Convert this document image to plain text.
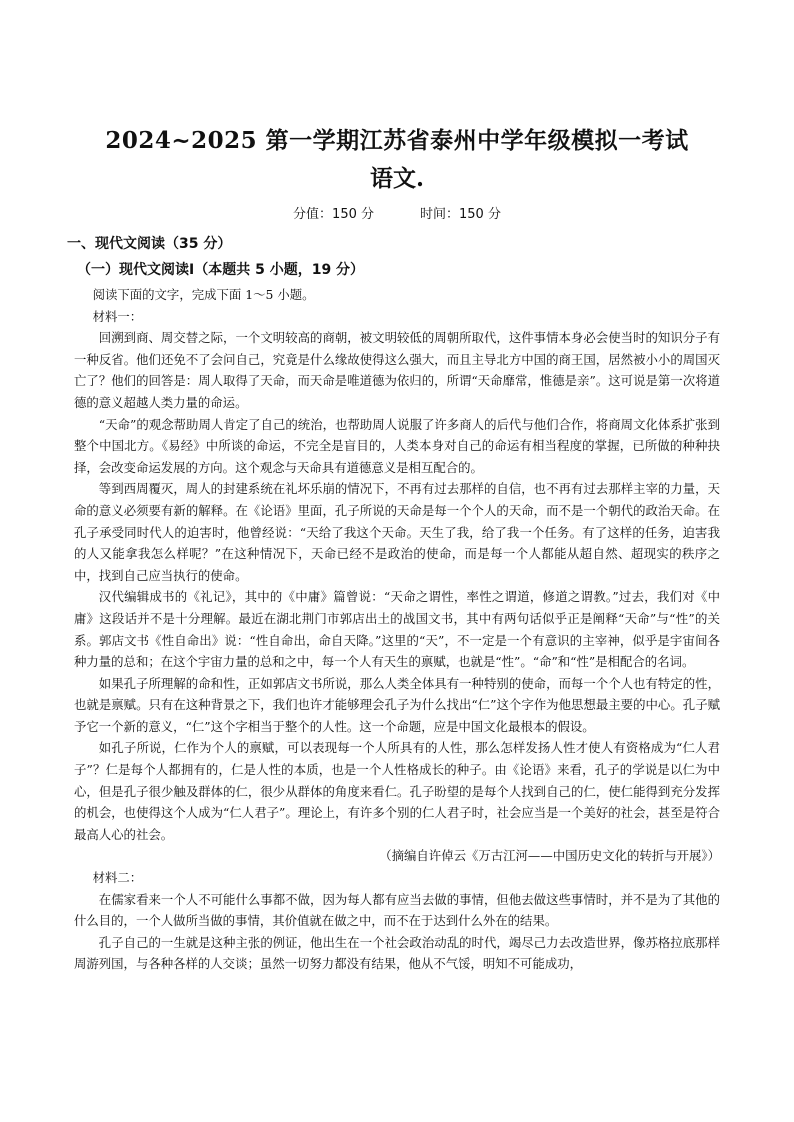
2024~2025 第一学期江苏省泰州中学年级模拟一考试
语文.
分值：150 分	时间：150 分
一、现代文阅读（35 分）
（一）现代文阅读Ⅰ（本题共 5 小题，19 分）

阅读下面的文字，完成下面 1～5 小题。

材料一：

回溯到商、周交替之际，一个文明较高的商朝，被文明较低的周朝所取代，这件事情本身必会使当时的知识分子有一种反省。他们还免不了会问自己，究竟是什么缘故使得这么强大，而且主导北方中国的商王国，居然被小小的周国灭亡了？他们的回答是：周人取得了天命，而天命是唯道德为依归的，所谓“天命靡常，惟德是亲”。这可说是第一次将道德的意义超越人类力量的命运。

“天命”的观念帮助周人肯定了自己的统治，也帮助周人说服了许多商人的后代与他们合作，将商周文化体系扩张到整个中国北方。《易经》中所谈的命运，不完全是盲目的，人类本身对自己的命运有相当程度的掌握，已所做的种种抉择，会改变命运发展的方向。这个观念与天命具有道德意义是相互配合的。

等到西周覆灭，周人的封建系统在礼坏乐崩的情况下，不再有过去那样的自信，也不再有过去那样主宰的力量，天命的意义必须要有新的解释。在《论语》里面，孔子所说的天命是每一个个人的天命，而不是一个朝代的政治天命。在孔子承受同时代人的迫害时，他曾经说：“天给了我这个天命。天生了我，给了我一个任务。有了这样的任务，迫害我的人又能拿我怎么样呢？”在这种情况下，天命已经不是政治的使命，而是每一个人都能从超自然、超现实的秩序之中，找到自己应当执行的使命。

汉代编辑成书的《礼记》，其中的《中庸》篇曾说：“天命之谓性，率性之谓道，修道之谓教。”过去，我们对《中庸》这段话并不是十分理解。最近在湖北荆门市郭店出土的战国文书，其中有两句话似乎正是阐释“天命”与“性”的关系。郭店文书《性自命出》说：“性自命出，命自天降。”这里的“天”，不一定是一个有意识的主宰神，似乎是宇宙间各种力量的总和；在这个宇宙力量的总和之中，每一个人有天生的禀赋，也就是“性”。“命”和“性”是相配合的名词。

如果孔子所理解的命和性，正如郭店文书所说，那么人类全体具有一种特别的使命，而每一个个人也有特定的性，也就是禀赋。只有在这种背景之下，我们也许才能够理会孔子为什么找出“仁”这个字作为他思想最主要的中心。孔子赋予它一个新的意义，“仁”这个字相当于整个的人性。这一个命题，应是中国文化最根本的假设。

如孔子所说，仁作为个人的禀赋，可以表现每一个人所具有的人性，那么怎样发扬人性才使人有资格成为“仁人君子”？仁是每个人都拥有的，仁是人性的本质，也是一个人性格成长的种子。由《论语》来看，孔子的学说是以仁为中心，但是孔子很少触及群体的仁，很少从群体的角度来看仁。孔子盼望的是每个人找到自己的仁，使仁能得到充分发挥的机会，也使得这个人成为“仁人君子”。理论上，有许多个别的仁人君子时，社会应当是一个美好的社会，甚至是符合最高人心的社会。

（摘编自许倬云《万古江河——中国历史文化的转折与开展》）

材料二：

在儒家看来一个人不可能什么事都不做，因为每人都有应当去做的事情，但他去做这些事情时，并不是为了其他的什么目的，一个人做所当做的事情，其价值就在做之中，而不在于达到什么外在的结果。

孔子自己的一生就是这种主张的例证，他出生在一个社会政治动乱的时代，竭尽己力去改造世界，像苏格拉底那样周游列国，与各种各样的人交谈；虽然一切努力都没有结果，他从不气馁，明知不可能成功，
